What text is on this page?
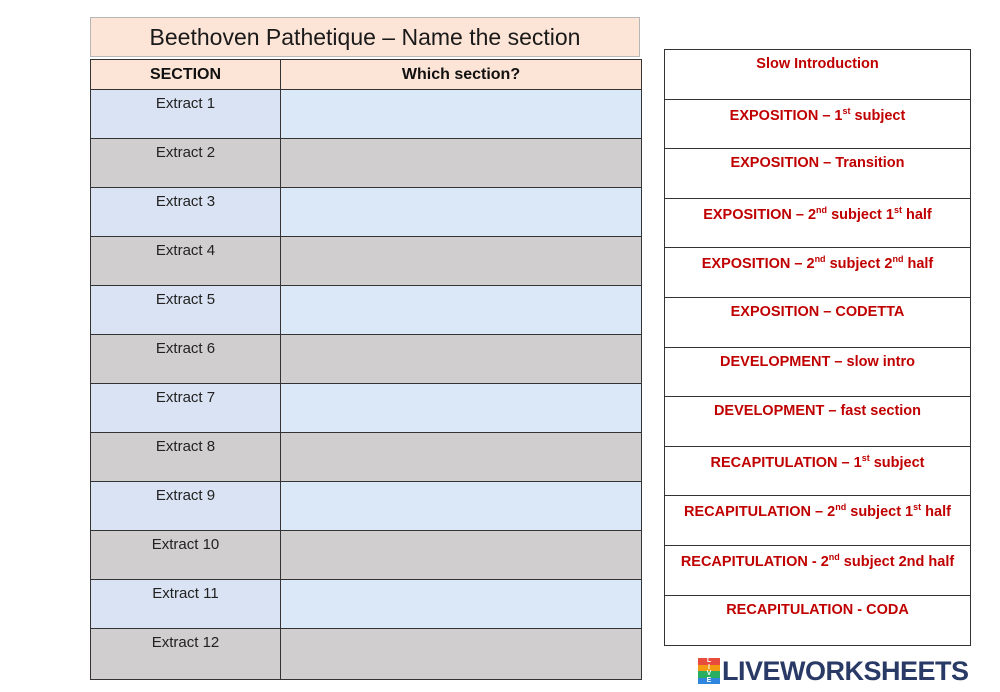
Beethoven Pathetique – Name the section
SECTION	Which section?
Extract 1	
Extract 2	
Extract 3	
Extract 4	
Extract 5	
Extract 6	
Extract 7	
Extract 8	
Extract 9	
Extract 10	
Extract 11	
Extract 12	
Slow Introduction
EXPOSITION – 1st subject
EXPOSITION – Transition
EXPOSITION – 2nd subject 1st half
EXPOSITION – 2nd subject 2nd half
EXPOSITION – CODETTA
DEVELOPMENT – slow intro
DEVELOPMENT – fast section
RECAPITULATION – 1st subject
RECAPITULATION – 2nd subject 1st half
RECAPITULATION - 2nd subject 2nd half
RECAPITULATION - CODA
L
I
V
E LIVEWORKSHEETS
